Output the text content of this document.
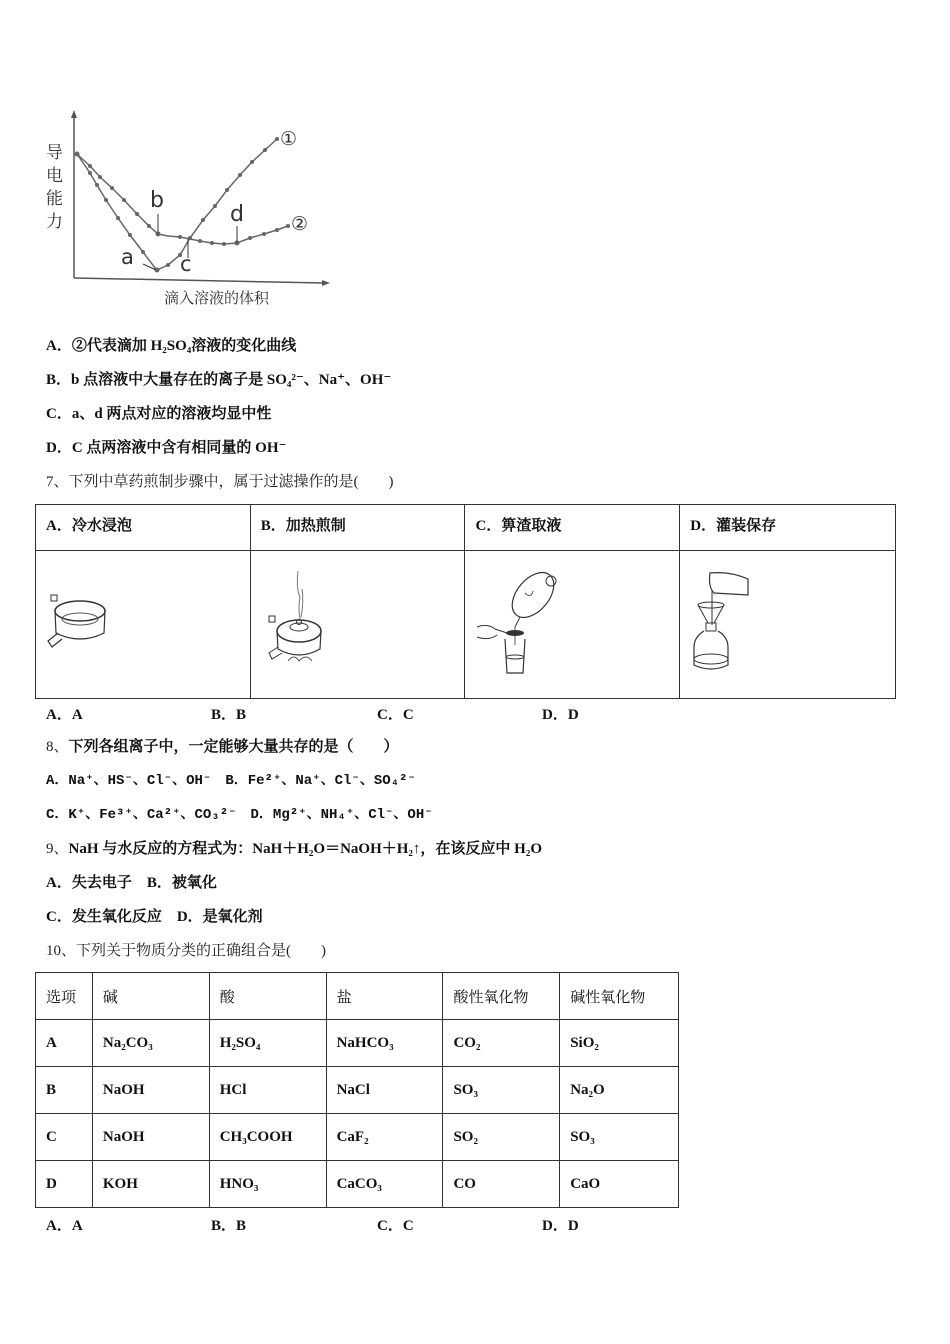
导
电
能
力
①
②
a
b
c
d
滴入溶液的体积
A．②代表滴加 H₂SO₄溶液的变化曲线
B．b 点溶液中大量存在的离子是 SO₄²⁻、Na⁺、OH⁻
C．a、d 两点对应的溶液均显中性
D．C 点两溶液中含有相同量的 OH⁻
7、下列中草药煎制步骤中，属于过滤操作的是(　　)
A．冷水浸泡	B．加热煎制	C．箅渣取液	D．灌装保存

A．A	B．B	C．C	D．D
8、下列各组离子中，一定能够大量共存的是（　　）
A．Na⁺、HS⁻、Cl⁻、OH⁻　B．Fe²⁺、Na⁺、Cl⁻、SO₄²⁻
C．K⁺、Fe³⁺、Ca²⁺、CO₃²⁻　D．Mg²⁺、NH₄⁺、Cl⁻、OH⁻
9、NaH 与水反应的方程式为：NaH＋H₂O＝NaOH＋H₂↑，在该反应中 H₂O
A．失去电子　B．被氧化
C．发生氧化反应　D．是氧化剂
10、下列关于物质分类的正确组合是(　　)
选项	碱	酸	盐	酸性氧化物	碱性氧化物
A	Na₂CO₃	H₂SO₄	NaHCO₃	CO₂	SiO₂
B	NaOH	HCl	NaCl	SO₃	Na₂O
C	NaOH	CH₃COOH	CaF₂	SO₂	SO₃
D	KOH	HNO₃	CaCO₃	CO	CaO
A．A	B．B	C．C	D．D
